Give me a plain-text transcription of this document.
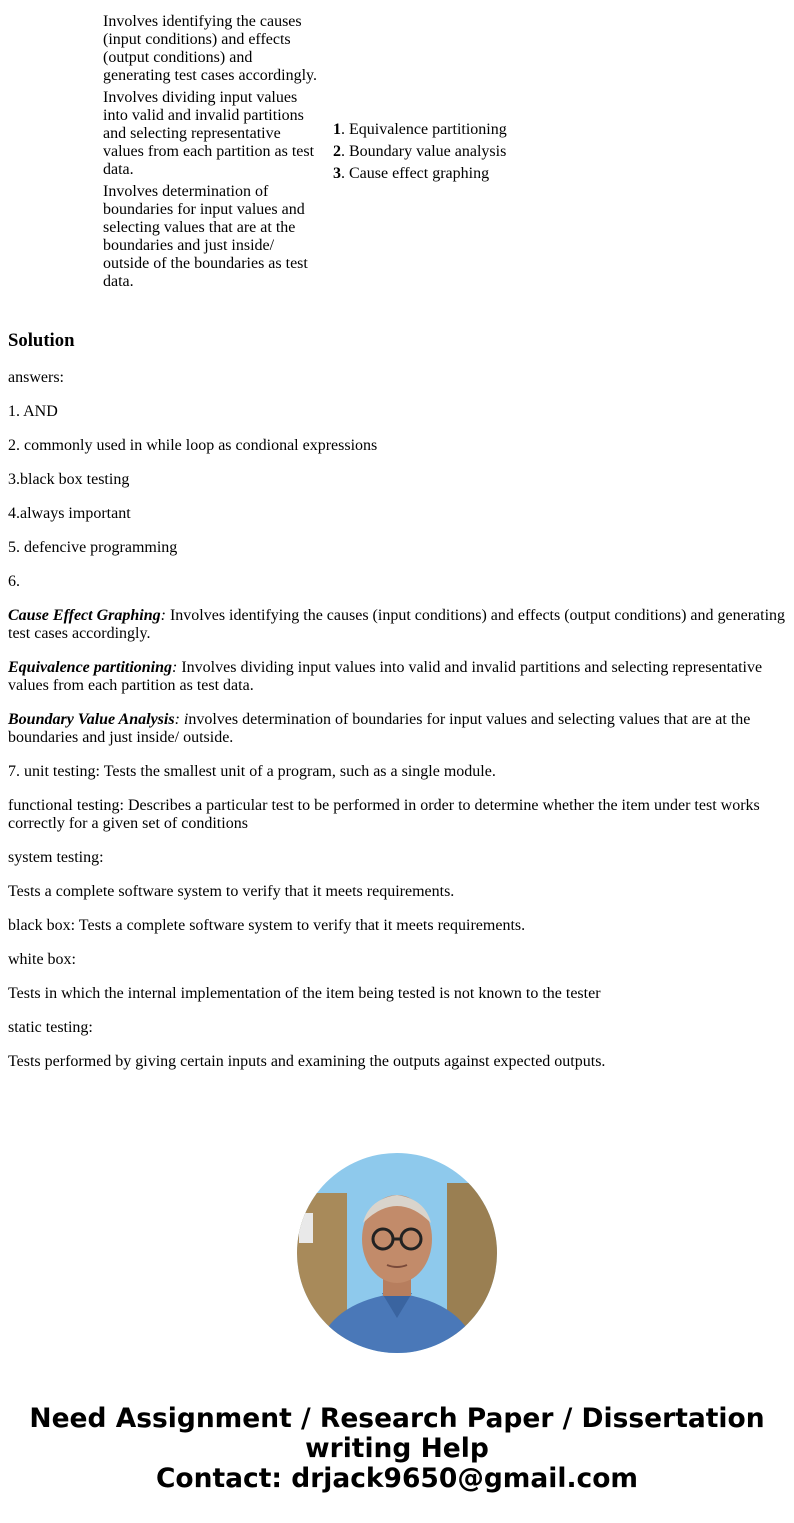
Involves identifying the causes (input conditions) and effects (output conditions) and generating test cases accordingly.

Involves dividing input values into valid and invalid partitions and selecting representative values from each partition as test data.

Involves determination of boundaries for input values and selecting values that are at the boundaries and just inside/ outside of the boundaries as test data.

1. Equivalence partitioning
2. Boundary value analysis
3. Cause effect graphing
Solution

answers:

1. AND

2. commonly used in while loop as condional expressions

3.black box testing

4.always important

5. defencive programming

6.

Cause Effect Graphing: Involves identifying the causes (input conditions) and effects (output conditions) and generating test cases accordingly.

Equivalence partitioning: Involves dividing input values into valid and invalid partitions and selecting representative values from each partition as test data.

Boundary Value Analysis: involves determination of boundaries for input values and selecting values that are at the boundaries and just inside/ outside.

7. unit testing: Tests the smallest unit of a program, such as a single module.

functional testing: Describes a particular test to be performed in order to determine whether the item under test works correctly for a given set of conditions

system testing:

Tests a complete software system to verify that it meets requirements.

black box: Tests a complete software system to verify that it meets requirements.

white box:

Tests in which the internal implementation of the item being tested is not known to the tester

static testing:

Tests performed by giving certain inputs and examining the outputs against expected outputs.

Need Assignment / Research Paper / Dissertation
writing Help
Contact: drjack9650@gmail.com
